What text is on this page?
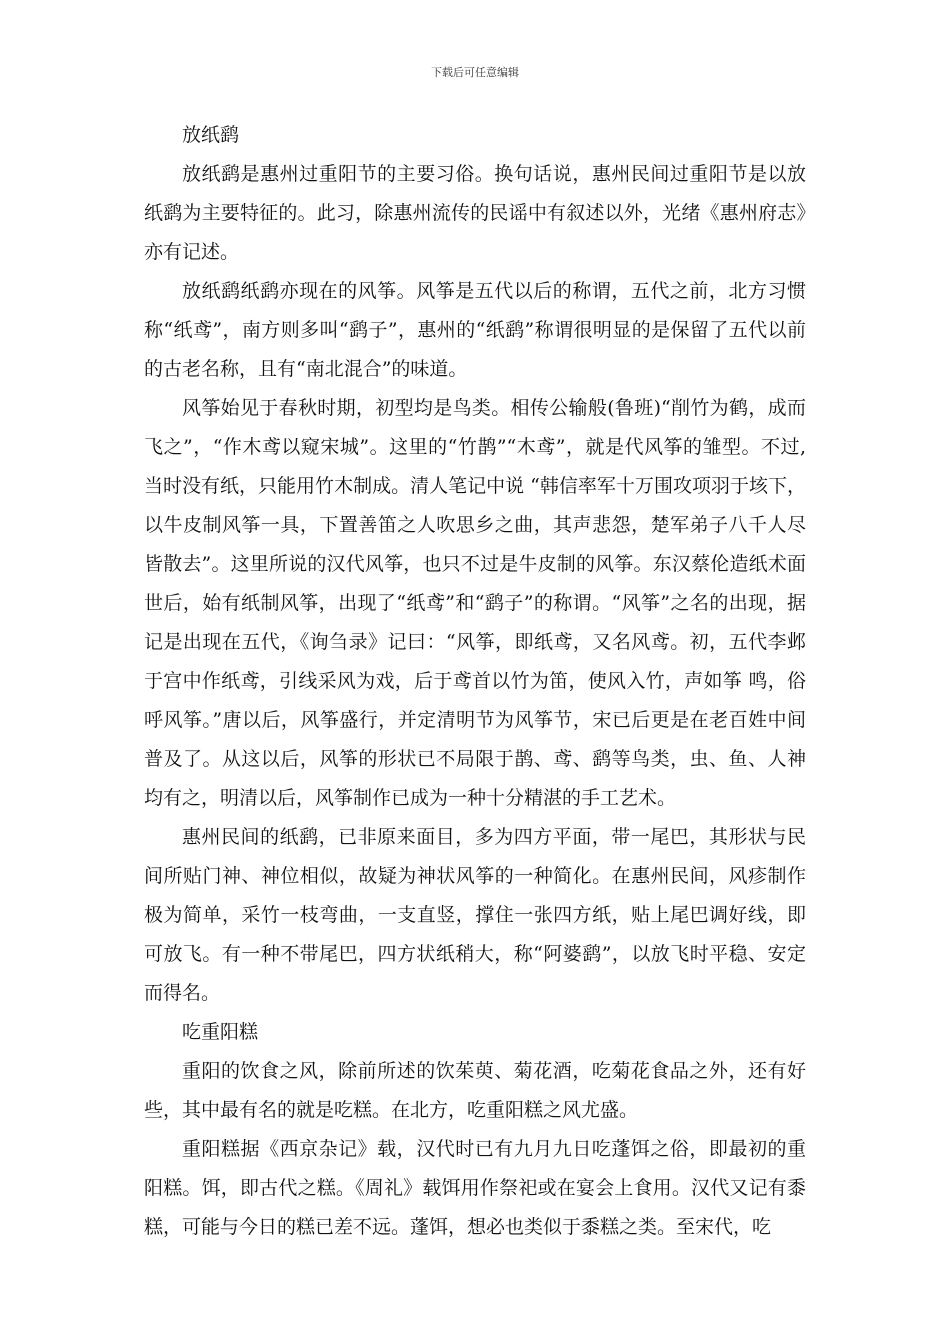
下载后可任意编辑

放纸鹞

放纸鹞是惠州过重阳节的主要习俗。换句话说，惠州民间过重阳节是以放纸鹞为主要特征的。此习，除惠州流传的民谣中有叙述以外，光绪《惠州府志》亦有记述。

放纸鹞纸鹞亦现在的风筝。风筝是五代以后的称谓，五代之前，北方习惯称“纸鸢”，南方则多叫“鹞子”，惠州的“纸鹞”称谓很明显的是保留了五代以前的古老名称，且有“南北混合”的味道。

风筝始见于春秋时期，初型均是鸟类。相传公输般(鲁班)“削竹为鹤，成而飞之”，“作木鸢以窥宋城”。这里的“竹鹊”“木鸢”，就是代风筝的雏型。不过,当时没有纸，只能用竹木制成。清人笔记中说 “韩信率军十万围攻项羽于垓下，以牛皮制风筝一具，下置善笛之人吹思乡之曲，其声悲怨，楚军弟子八千人尽皆散去”。这里所说的汉代风筝，也只不过是牛皮制的风筝。东汉蔡伦造纸术面世后，始有纸制风筝，出现了“纸鸢”和“鹞子”的称谓。“风筝”之名的出现，据记是出现在五代，《询刍录》记曰：“风筝，即纸鸢，又名风鸢。初，五代李邺于宫中作纸鸢，引线采风为戏，后于鸢首以竹为笛，使风入竹，声如筝 鸣，俗呼风筝。”唐以后，风筝盛行，并定清明节为风筝节，宋已后更是在老百姓中间普及了。从这以后，风筝的形状已不局限于鹊、鸢、鹞等鸟类，虫、鱼、人神均有之，明清以后，风筝制作已成为一种十分精湛的手工艺术。

惠州民间的纸鹞，已非原来面目，多为四方平面，带一尾巴，其形状与民间所贴门神、神位相似，故疑为神状风筝的一种简化。在惠州民间，风疹制作极为简单，采竹一枝弯曲，一支直竖，撑住一张四方纸，贴上尾巴调好线，即可放飞。有一种不带尾巴，四方状纸稍大，称“阿婆鹞”，以放飞时平稳、安定而得名。

吃重阳糕

重阳的饮食之风，除前所述的饮茱萸、菊花酒，吃菊花食品之外，还有好些，其中最有名的就是吃糕。在北方，吃重阳糕之风尤盛。

重阳糕据《西京杂记》载，汉代时已有九月九日吃蓬饵之俗，即最初的重阳糕。饵，即古代之糕。《周礼》载饵用作祭祀或在宴会上食用。汉代又记有黍糕，可能与今日的糕已差不远。蓬饵，想必也类似于黍糕之类。至宋代，吃
